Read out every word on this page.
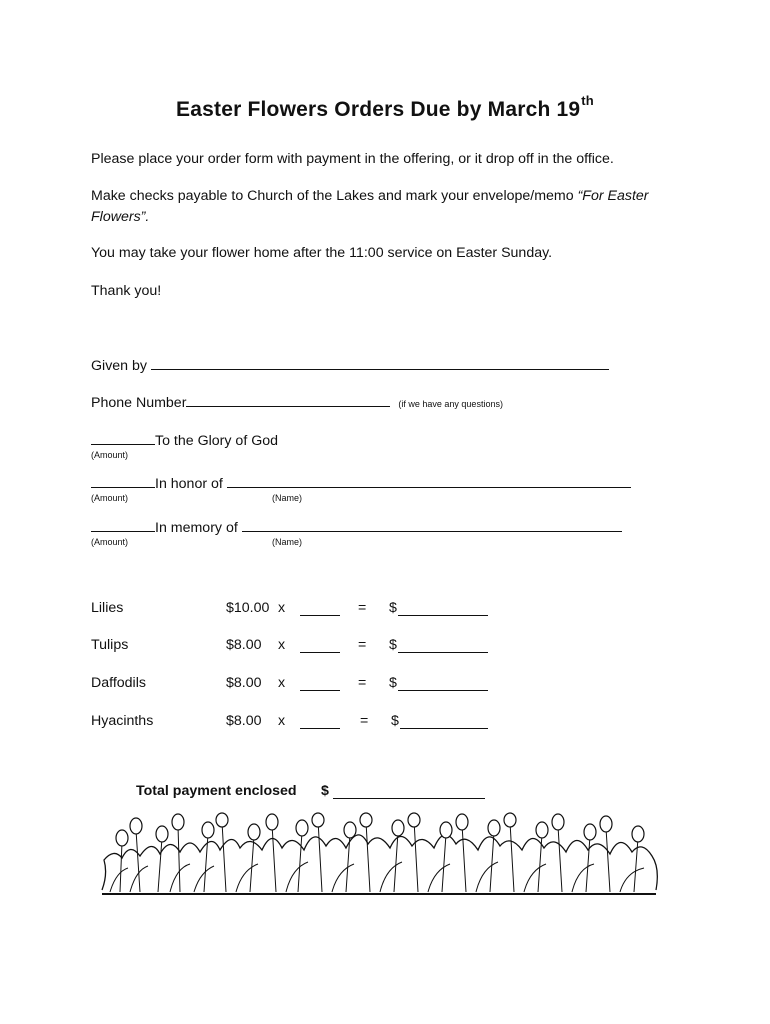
Easter Flowers Orders Due by March 19th
Please place your order form with payment in the offering, or it drop off in the office.
Make checks payable to Church of the Lakes and mark your envelope/memo “For Easter Flowers”.
You may take your flower home after the 11:00 service on Easter Sunday.
Thank you!
Given by
Phone Number	(if we have any questions)
To the Glory of God
(Amount)
In honor of
(Amount)	(Name)
In memory of
(Amount)	(Name)
Lilies	$10.00 x	= $
Tulips	$8.00 x	= $
Daffodils	$8.00 x	= $
Hyacinths	$8.00 x	= $
Total payment enclosed $
